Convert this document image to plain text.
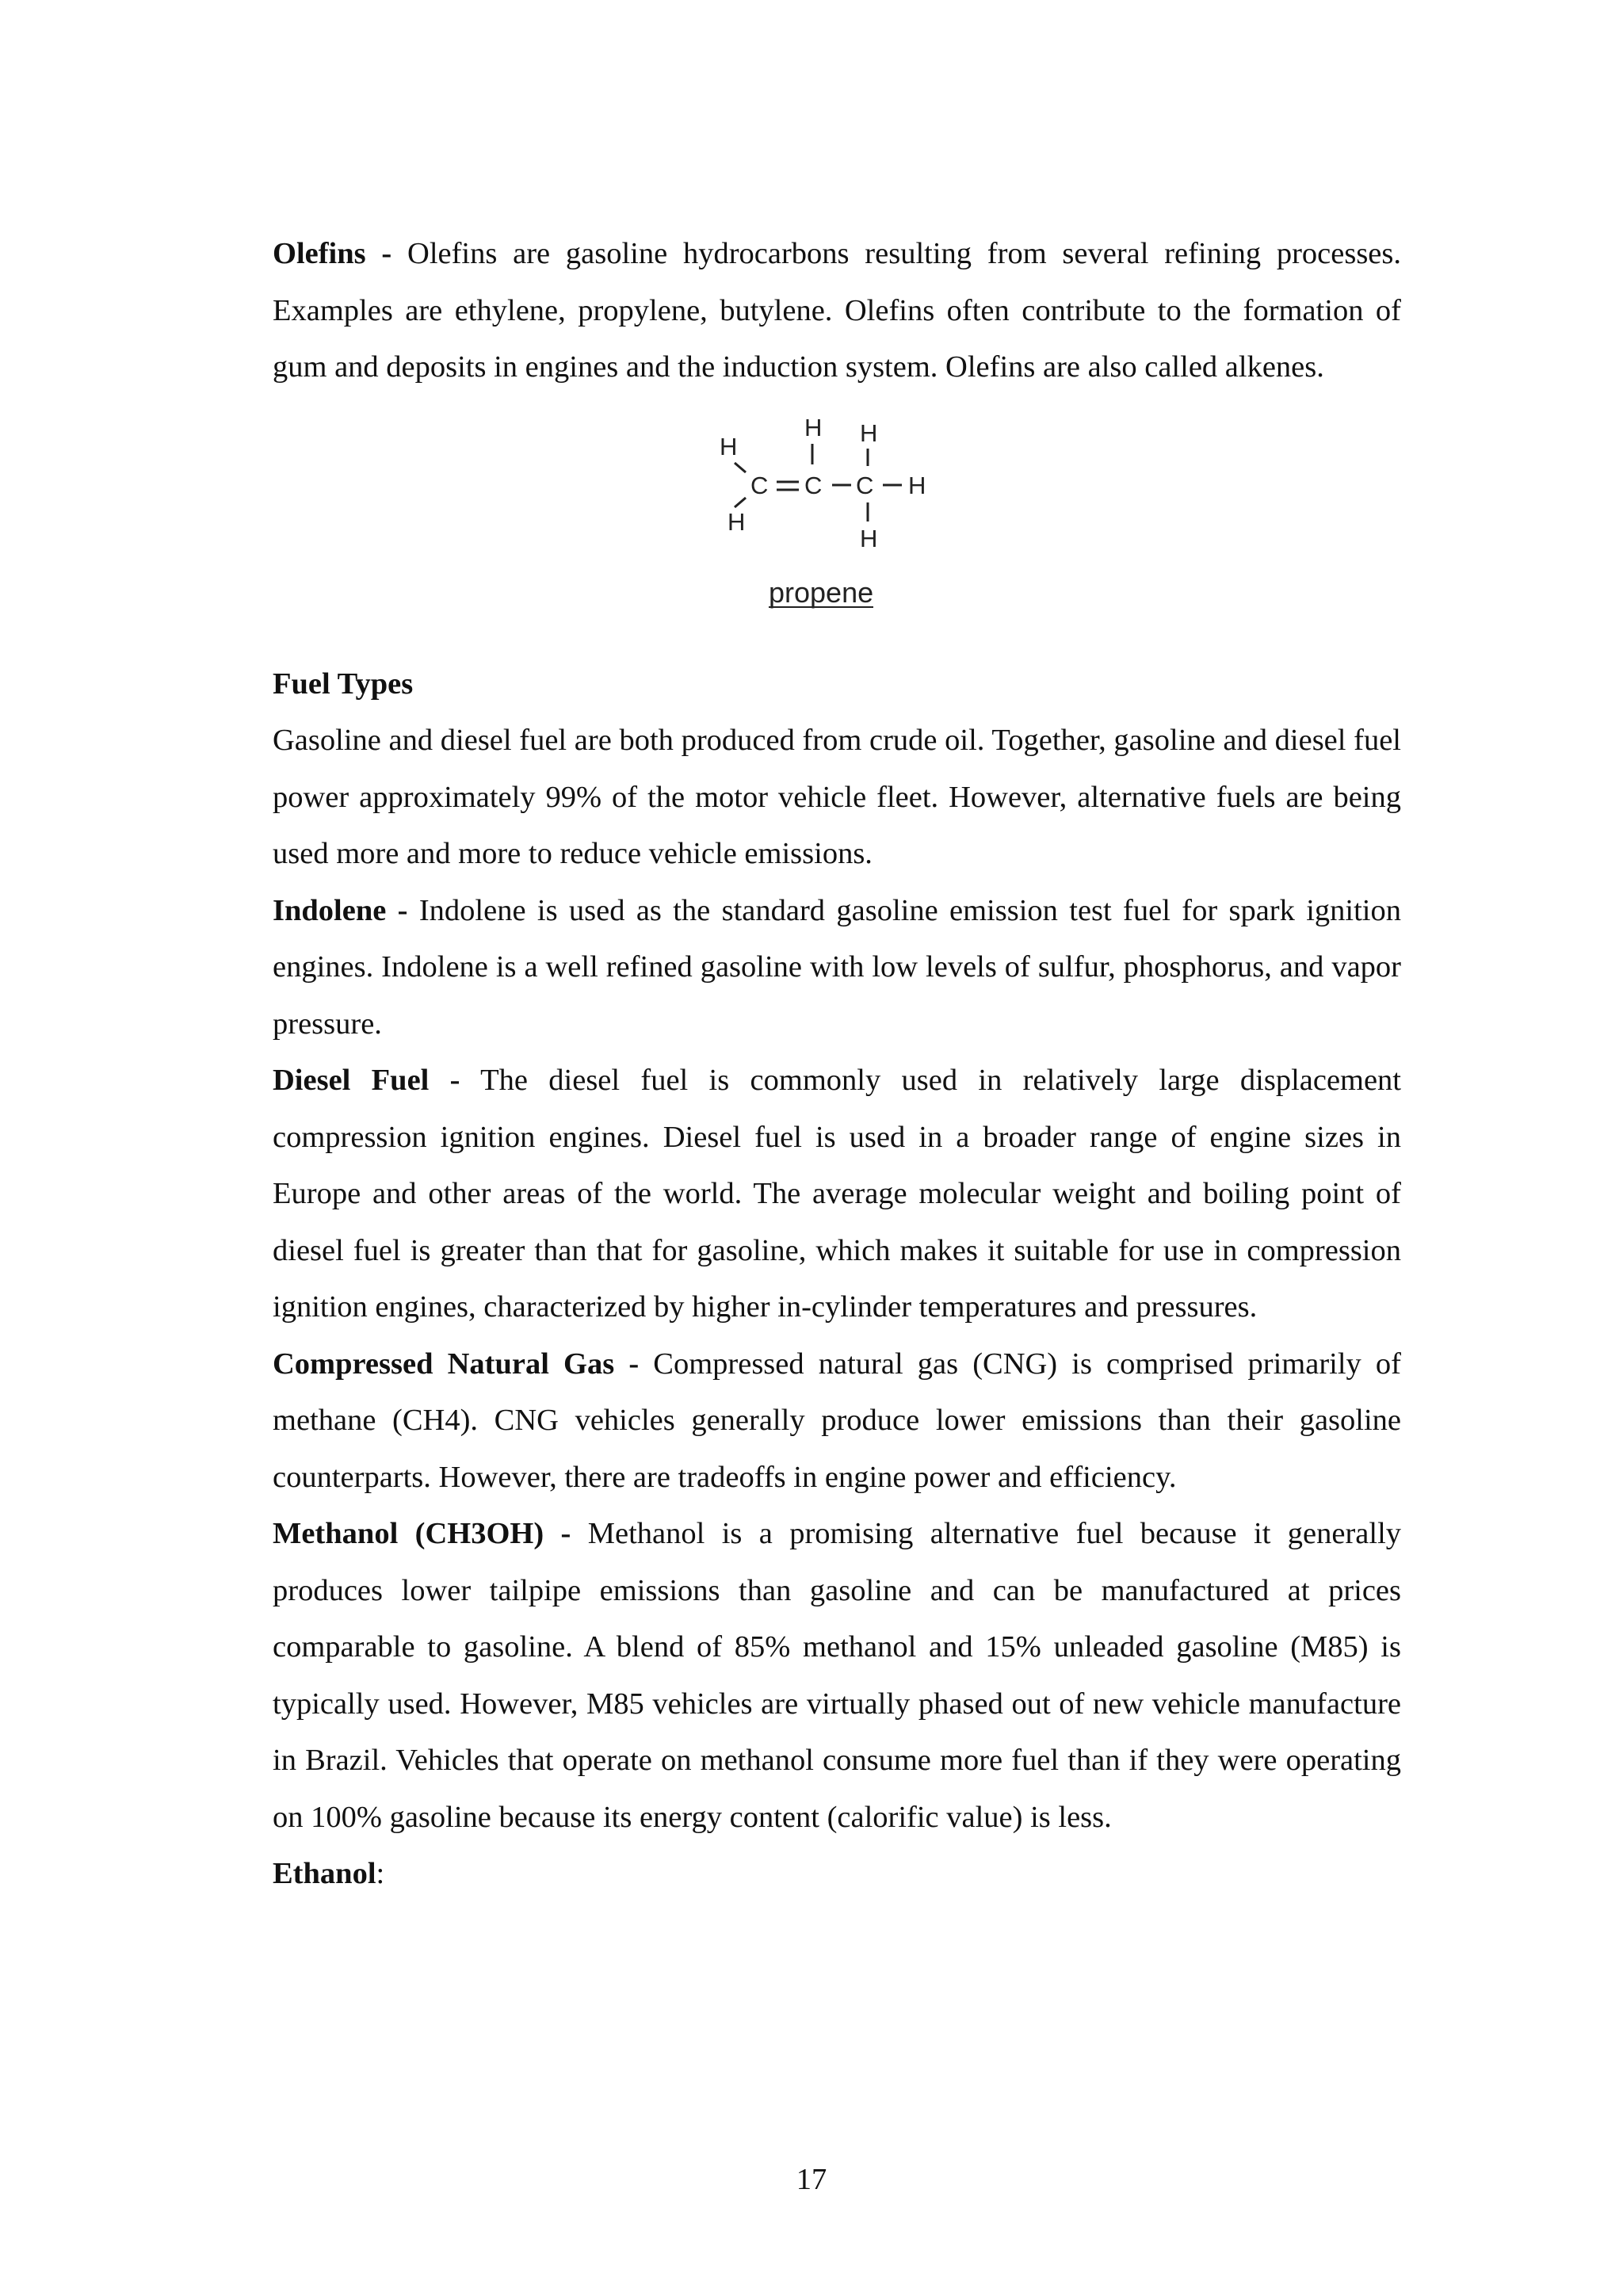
Olefins - Olefins are gasoline hydrocarbons resulting from several refining processes. Examples are ethylene, propylene, butylene. Olefins often contribute to the formation of gum and deposits in engines and the induction system. Olefins are also called alkenes.

H
H
C C
H
C
H
H
H
propene

Fuel Types

Gasoline and diesel fuel are both produced from crude oil. Together, gasoline and diesel fuel power approximately 99% of the motor vehicle fleet. However, alternative fuels are being used more and more to reduce vehicle emissions.

Indolene - Indolene is used as the standard gasoline emission test fuel for spark ignition engines. Indolene is a well refined gasoline with low levels of sulfur, phosphorus, and vapor pressure.

Diesel Fuel - The diesel fuel is commonly used in relatively large displacement compression ignition engines. Diesel fuel is used in a broader range of engine sizes in Europe and other areas of the world. The average molecular weight and boiling point of diesel fuel is greater than that for gasoline, which makes it suitable for use in compression ignition engines, characterized by higher in-cylinder temperatures and pressures.

Compressed Natural Gas - Compressed natural gas (CNG) is comprised primarily of methane (CH4). CNG vehicles generally produce lower emissions than their gasoline counterparts. However, there are tradeoffs in engine power and efficiency.

Methanol (CH3OH) - Methanol is a promising alternative fuel because it generally produces lower tailpipe emissions than gasoline and can be manufactured at prices comparable to gasoline. A blend of 85% methanol and 15% unleaded gasoline (M85) is typically used. However, M85 vehicles are virtually phased out of new vehicle manufacture in Brazil. Vehicles that operate on methanol consume more fuel than if they were operating on 100% gasoline because its energy content (calorific value) is less.

Ethanol:

17
